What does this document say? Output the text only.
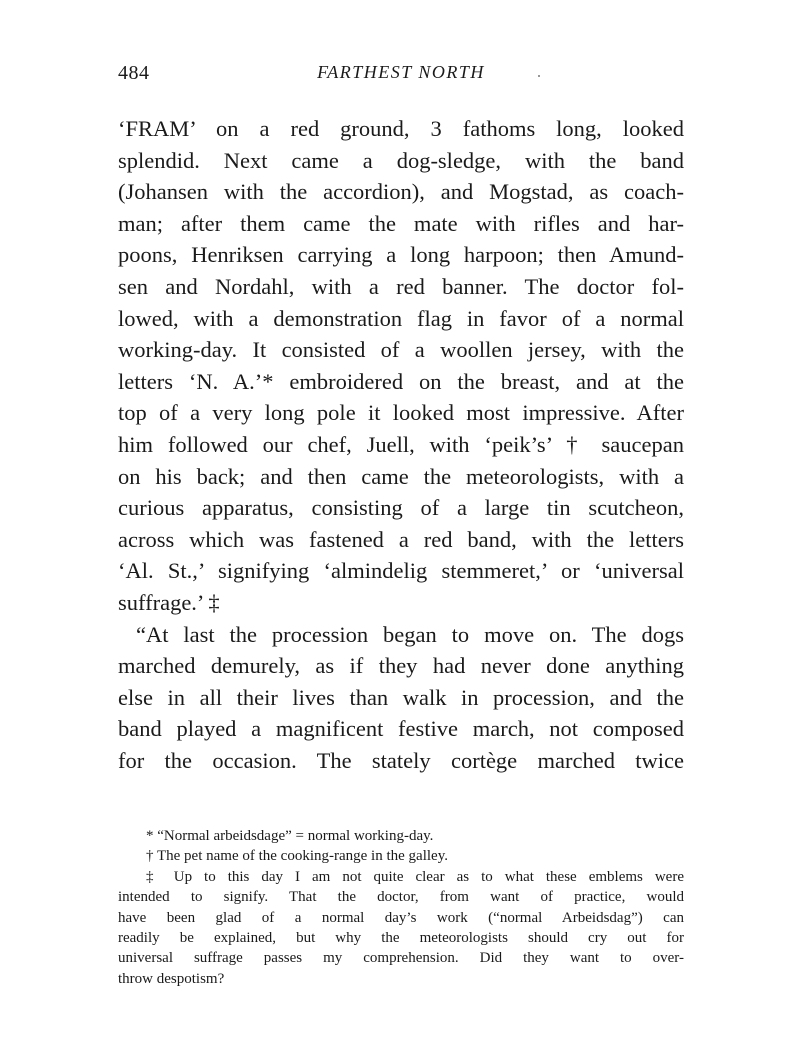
484	FARTHEST NORTH
‘FRAM’ on a red ground, 3 fathoms long, looked
splendid. Next came a dog-sledge, with the band
(Johansen with the accordion), and Mogstad, as coach-
man; after them came the mate with rifles and har-
poons, Henriksen carrying a long harpoon; then Amund-
sen and Nordahl, with a red banner. The doctor fol-
lowed, with a demonstration flag in favor of a normal
working-day. It consisted of a woollen jersey, with the
letters ‘N. A.’* embroidered on the breast, and at the
top of a very long pole it looked most impressive. After
him followed our chef, Juell, with ‘peik’s’ † saucepan
on his back; and then came the meteorologists, with a
curious apparatus, consisting of a large tin scutcheon,
across which was fastened a red band, with the letters
‘Al. St.,’ signifying ‘almindelig stemmeret,’ or ‘universal
suffrage.’ ‡
“At last the procession began to move on. The dogs
marched demurely, as if they had never done anything
else in all their lives than walk in procession, and the
band played a magnificent festive march, not composed
for the occasion. The stately cortège marched twice
* “Normal arbeidsdage” = normal working-day.
† The pet name of the cooking-range in the galley.
‡ Up to this day I am not quite clear as to what these emblems were
intended to signify. That the doctor, from want of practice, would
have been glad of a normal day’s work (“normal Arbeidsdag”) can
readily be explained, but why the meteorologists should cry out for
universal suffrage passes my comprehension. Did they want to over-
throw despotism?
